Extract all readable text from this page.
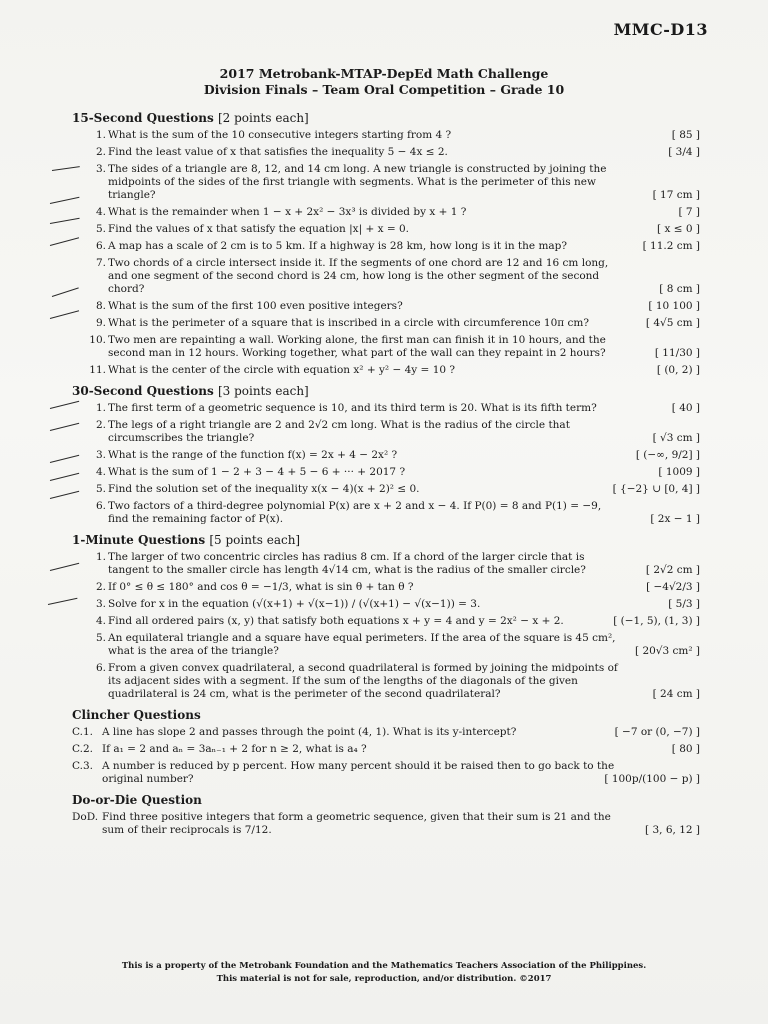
MMC-D13
2017 Metrobank-MTAP-DepEd Math Challenge
Division Finals – Team Oral Competition – Grade 10
15-Second Questions [2 points each]
1. What is the sum of the 10 consecutive integers starting from 4 ?	[ 85 ]
2. Find the least value of x that satisfies the inequality 5 − 4x ≤ 2.	[ 3/4 ]
3. The sides of a triangle are 8, 12, and 14 cm long. A new triangle is constructed by joining the midpoints of the sides of the first triangle with segments. What is the perimeter of this new triangle?	[ 17 cm ]
4. What is the remainder when 1 − x + 2x² − 3x³ is divided by x + 1 ?	[ 7 ]
5. Find the values of x that satisfy the equation |x| + x = 0.	[ x ≤ 0 ]
6. A map has a scale of 2 cm is to 5 km. If a highway is 28 km, how long is it in the map?	[ 11.2 cm ]
7. Two chords of a circle intersect inside it. If the segments of one chord are 12 and 16 cm long, and one segment of the second chord is 24 cm, how long is the other segment of the second chord?	[ 8 cm ]
8. What is the sum of the first 100 even positive integers?	[ 10 100 ]
9. What is the perimeter of a square that is inscribed in a circle with circumference 10π cm?	[ 4√5 cm ]
10. Two men are repainting a wall. Working alone, the first man can finish it in 10 hours, and the second man in 12 hours. Working together, what part of the wall can they repaint in 2 hours?	[ 11/30 ]
11. What is the center of the circle with equation x² + y² − 4y = 10 ?	[ (0, 2) ]
30-Second Questions [3 points each]
1. The first term of a geometric sequence is 10, and its third term is 20. What is its fifth term?	[ 40 ]
2. The legs of a right triangle are 2 and 2√2 cm long. What is the radius of the circle that circumscribes the triangle?	[ √3 cm ]
3. What is the range of the function f(x) = 2x + 4 − 2x² ?	[ (−∞, 9/2] ]
4. What is the sum of 1 − 2 + 3 − 4 + 5 − 6 + ··· + 2017 ?	[ 1009 ]
5. Find the solution set of the inequality x(x − 4)(x + 2)² ≤ 0.	[ {−2} ∪ [0, 4] ]
6. Two factors of a third-degree polynomial P(x) are x + 2 and x − 4. If P(0) = 8 and P(1) = −9, find the remaining factor of P(x).	[ 2x − 1 ]
1-Minute Questions [5 points each]
1. The larger of two concentric circles has radius 8 cm. If a chord of the larger circle that is tangent to the smaller circle has length 4√14 cm, what is the radius of the smaller circle?	[ 2√2 cm ]
2. If 0° ≤ θ ≤ 180° and cos θ = −1/3, what is sin θ + tan θ ?	[ −4√2/3 ]
3. Solve for x in the equation (√(x+1) + √(x−1)) / (√(x+1) − √(x−1)) = 3.	[ 5/3 ]
4. Find all ordered pairs (x, y) that satisfy both equations x + y = 4 and y = 2x² − x + 2.	[ (−1, 5), (1, 3) ]
5. An equilateral triangle and a square have equal perimeters. If the area of the square is 45 cm², what is the area of the triangle?	[ 20√3 cm² ]
6. From a given convex quadrilateral, a second quadrilateral is formed by joining the midpoints of its adjacent sides with a segment. If the sum of the lengths of the diagonals of the given quadrilateral is 24 cm, what is the perimeter of the second quadrilateral?	[ 24 cm ]
Clincher Questions
C.1. A line has slope 2 and passes through the point (4, 1). What is its y-intercept?	[ −7 or (0, −7) ]
C.2. If a₁ = 2 and aₙ = 3aₙ₋₁ + 2 for n ≥ 2, what is a₄ ?	[ 80 ]
C.3. A number is reduced by p percent. How many percent should it be raised then to go back to the original number?	[ 100p/(100 − p) ]
Do-or-Die Question
DoD. Find three positive integers that form a geometric sequence, given that their sum is 21 and the sum of their reciprocals is 7/12.	[ 3, 6, 12 ]
This is a property of the Metrobank Foundation and the Mathematics Teachers Association of the Philippines.
This material is not for sale, reproduction, and/or distribution. ©2017
